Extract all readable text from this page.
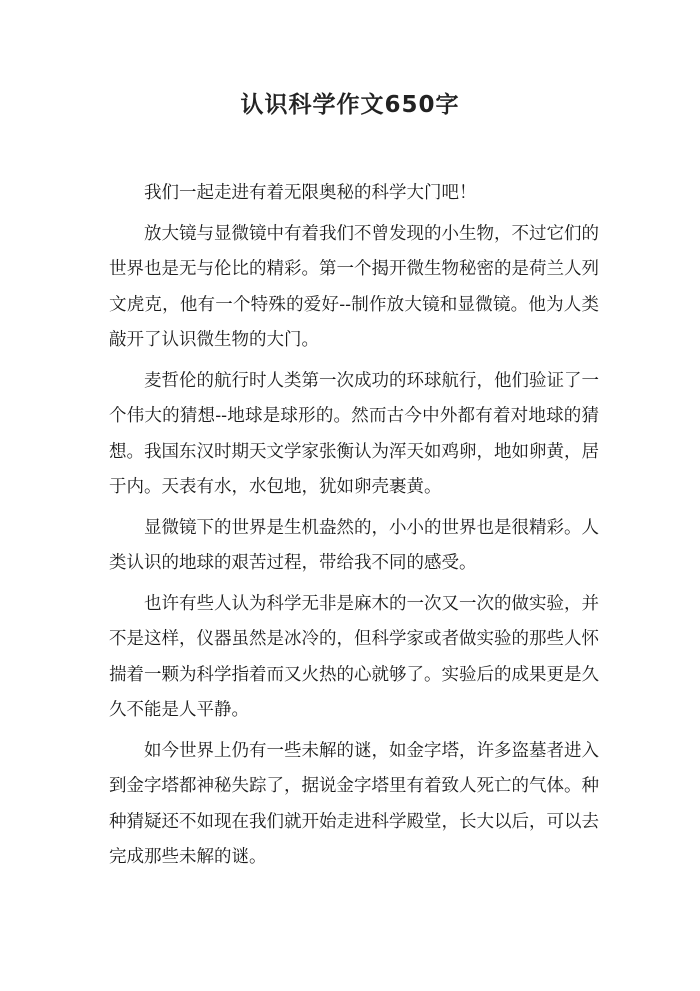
认识科学作文650字

我们一起走进有着无限奥秘的科学大门吧！

放大镜与显微镜中有着我们不曾发现的小生物，不过它们的世界也是无与伦比的精彩。第一个揭开微生物秘密的是荷兰人列文虎克，他有一个特殊的爱好--制作放大镜和显微镜。他为人类敲开了认识微生物的大门。

麦哲伦的航行时人类第一次成功的环球航行，他们验证了一个伟大的猜想--地球是球形的。然而古今中外都有着对地球的猜想。我国东汉时期天文学家张衡认为浑天如鸡卵，地如卵黄，居于内。天表有水，水包地，犹如卵壳裹黄。

显微镜下的世界是生机盎然的，小小的世界也是很精彩。人类认识的地球的艰苦过程，带给我不同的感受。

也许有些人认为科学无非是麻木的一次又一次的做实验，并不是这样，仪器虽然是冰冷的，但科学家或者做实验的那些人怀揣着一颗为科学指着而又火热的心就够了。实验后的成果更是久久不能是人平静。

如今世界上仍有一些未解的谜，如金字塔，许多盗墓者进入到金字塔都神秘失踪了，据说金字塔里有着致人死亡的气体。种种猜疑还不如现在我们就开始走进科学殿堂，长大以后，可以去完成那些未解的谜。
